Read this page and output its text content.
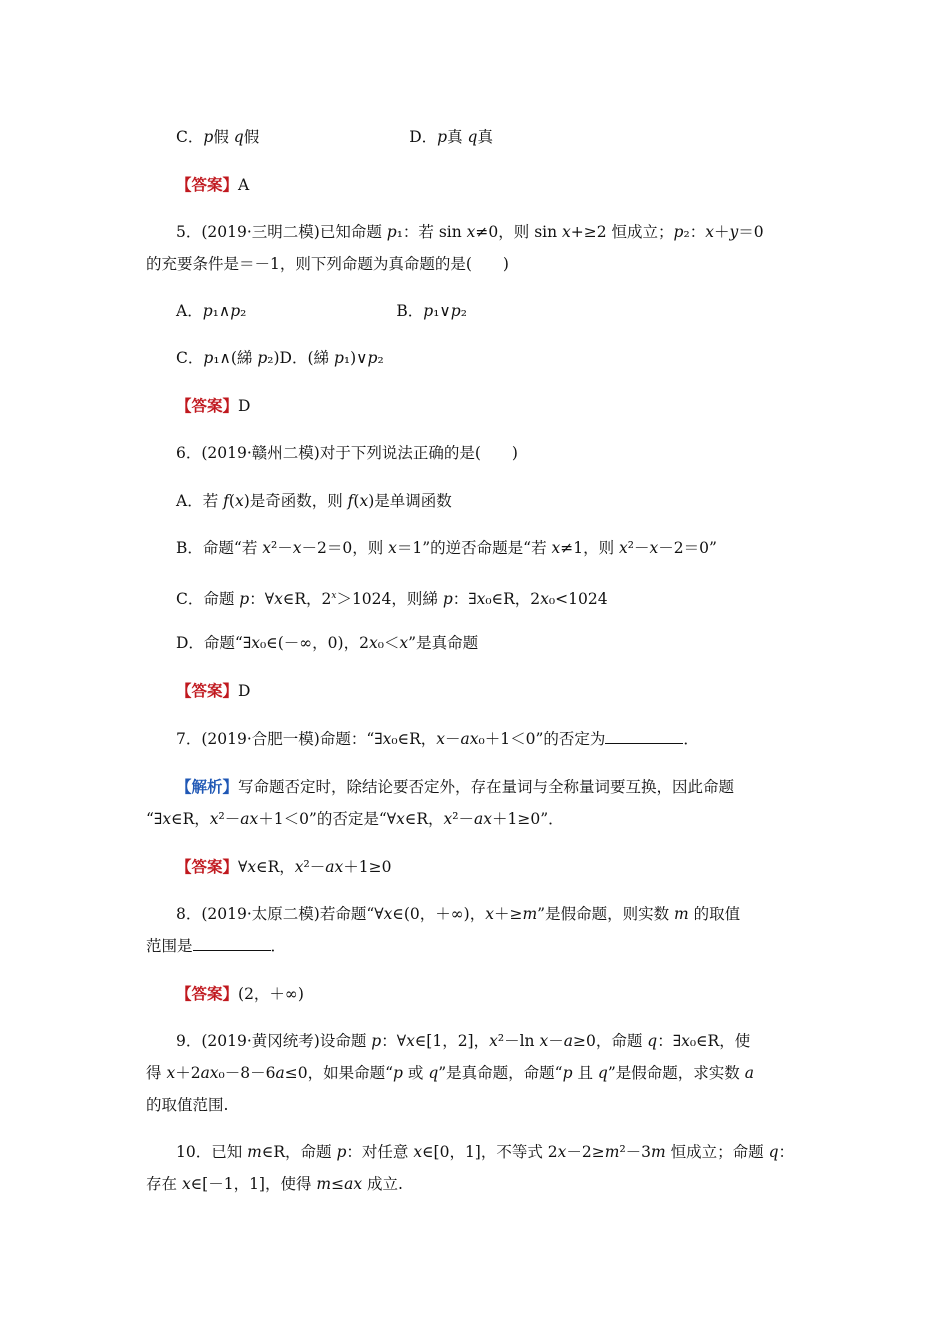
C．p假 q假	D．p真 q真
【答案】A
5．(2019·三明二模)已知命题 p₁：若 sin x≠0，则 sin x+≥2 恒成立；p₂：x＋y＝0
的充要条件是＝－1，则下列命题为真命题的是(　　)
A．p₁∧p₂	B．p₁∨p₂
C．p₁∧(綈 p₂)D．(綈 p₁)∨p₂
【答案】D
6．(2019·赣州二模)对于下列说法正确的是(　　)
A．若 f(x)是奇函数，则 f(x)是单调函数
B．命题“若 x²－x－2＝0，则 x＝1”的逆否命题是“若 x≠1，则 x²－x－2＝0”
C．命题 p：∀x∈R，$2^x>1024$，则綈 p：∃x₀∈R，2x₀<1024
D．命题“∃x₀∈(－∞，0)，2x₀＜x”是真命题
【答案】D
7．(2019·合肥一模)命题：“∃x₀∈R，x－ax₀＋1＜0”的否定为	．
【解析】写命题否定时，除结论要否定外，存在量词与全称量词要互换，因此命题
“∃x∈R，x²－ax＋1＜0”的否定是“∀x∈R，x²－ax＋1≥0”．
【答案】∀x∈R，x²－ax＋1≥0
8．(2019·太原二模)若命题“∀x∈(0，＋∞)，x＋≥m”是假命题，则实数 m 的取值
范围是	．
【答案】(2，＋∞)
9．(2019·黄冈统考)设命题 p：∀x∈[1，2]，x²－ln x－a≥0，命题 q：∃x₀∈R，使
得 x＋2ax₀－8－6a≤0，如果命题“p 或 q”是真命题，命题“p 且 q”是假命题，求实数 a
的取值范围.
10．已知 m∈R，命题 p：对任意 x∈[0，1]，不等式 2x－2≥m²－3m 恒成立；命题 q：
存在 x∈[－1，1]，使得 m≤ax 成立.
